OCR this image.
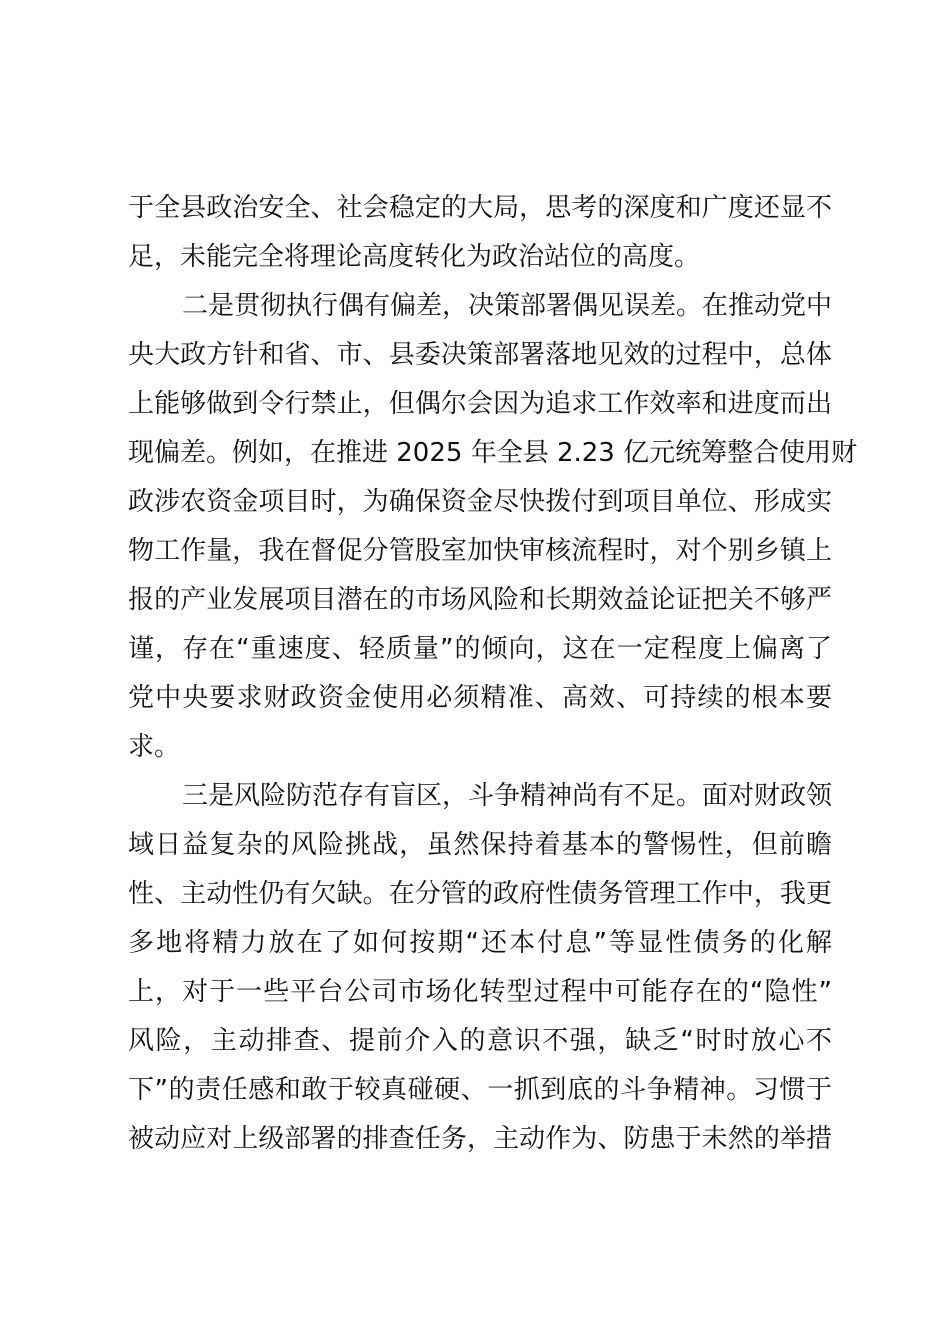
于全县政治安全、社会稳定的大局，思考的深度和广度还显不
足，未能完全将理论高度转化为政治站位的高度。
二是贯彻执行偶有偏差，决策部署偶见误差。在推动党中
央大政方针和省、市、县委决策部署落地见效的过程中，总体
上能够做到令行禁止，但偶尔会因为追求工作效率和进度而出
现偏差。例如，在推进 2025 年全县 2.23 亿元统筹整合使用财
政涉农资金项目时，为确保资金尽快拨付到项目单位、形成实
物工作量，我在督促分管股室加快审核流程时，对个别乡镇上
报的产业发展项目潜在的市场风险和长期效益论证把关不够严
谨，存在“重速度、轻质量”的倾向，这在一定程度上偏离了
党中央要求财政资金使用必须精准、高效、可持续的根本要
求。
三是风险防范存有盲区，斗争精神尚有不足。面对财政领
域日益复杂的风险挑战，虽然保持着基本的警惕性，但前瞻
性、主动性仍有欠缺。在分管的政府性债务管理工作中，我更
多地将精力放在了如何按期“还本付息”等显性债务的化解
上，对于一些平台公司市场化转型过程中可能存在的“隐性”
风险，主动排查、提前介入的意识不强，缺乏“时时放心不
下”的责任感和敢于较真碰硬、一抓到底的斗争精神。习惯于
被动应对上级部署的排查任务，主动作为、防患于未然的举措
